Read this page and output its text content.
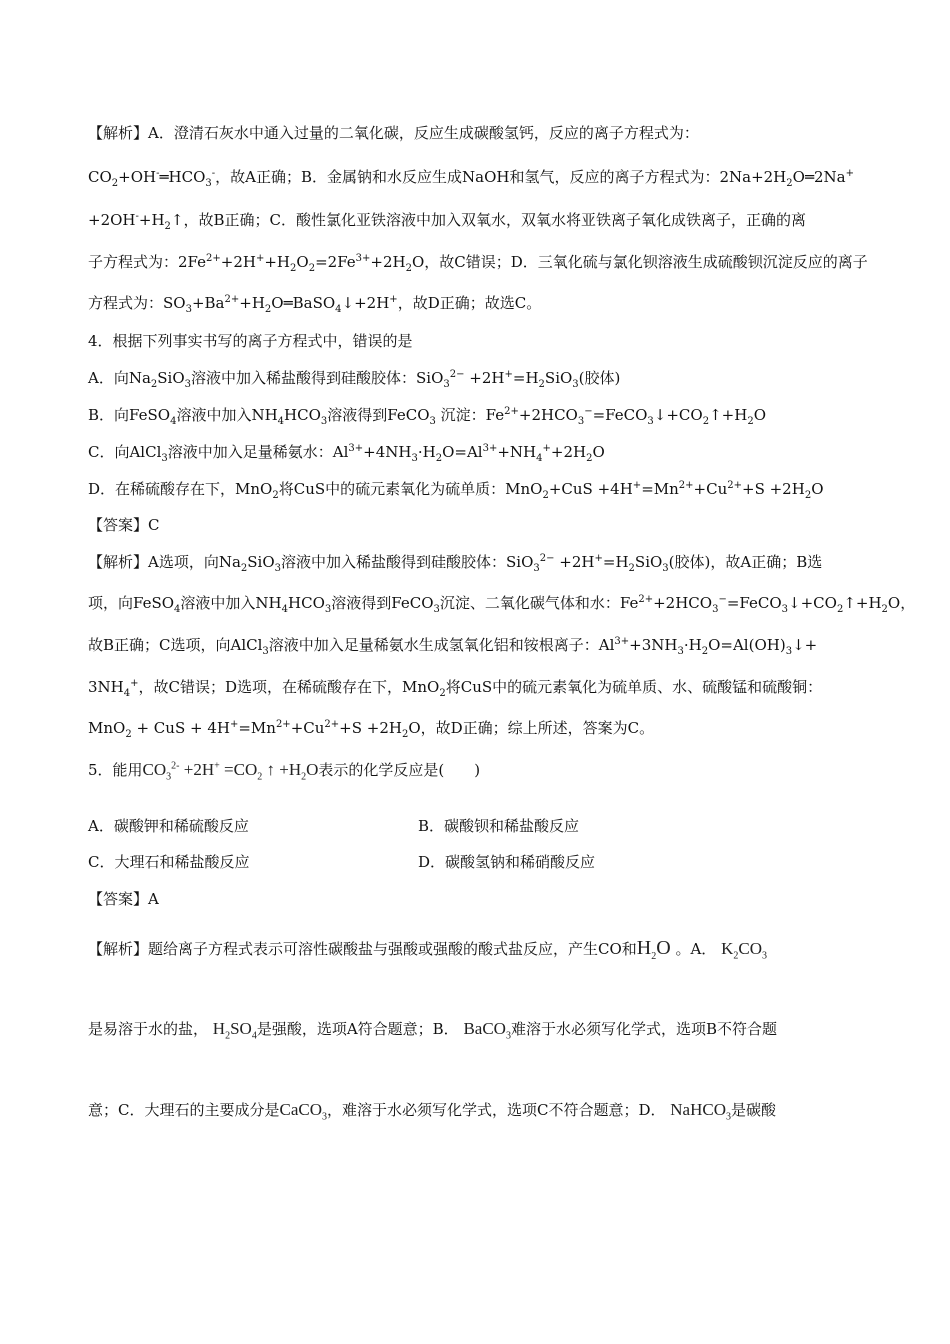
【解析】A．澄清石灰水中通入过量的二氧化碳，反应生成碳酸氢钙，反应的离子方程式为：
$CO_2+OH^-═HCO_3^-$，故A正确；B．金属钠和水反应生成NaOH和氢气，反应的离子方程式为：$2Na+2H_2O═2Na^+$
$+2OH^-+H_2↑$，故B正确；C．酸性氯化亚铁溶液中加入双氧水，双氧水将亚铁离子氧化成铁离子，正确的离
子方程式为：$2Fe^{2+}+2H^++H_2O_2=2Fe^{3+}+2H_2O$，故C错误；D．三氧化硫与氯化钡溶液生成硫酸钡沉淀反应的离子
方程式为：$SO_3+Ba^{2+}+H_2O═BaSO_4↓+2H^+$，故D正确；故选C。
4．根据下列事实书写的离子方程式中，错误的是
A．向$Na_2SiO_3$溶液中加入稀盐酸得到硅酸胶体：$SiO_3^{2-} +2H^+=H_2SiO_3$(胶体)
B．向FeSO$_4$溶液中加入$NH_4HCO_3$溶液得到FeCO$_3$ 沉淀：$Fe^{2+}+2HCO_3^-=FeCO_3↓+CO_2↑+H_2O$
C．向AlCl$_3$溶液中加入足量稀氨水：$Al^{3+}+4NH_3\cdot H_2O=Al^{3+}+NH_4^++2H_2O$
D．在稀硫酸存在下，MnO$_2$将CuS中的硫元素氧化为硫单质：$MnO_2+CuS +4H^+=Mn^{2+}+Cu^{2+}+S +2H_2O$
【答案】C
【解析】A选项，向$Na_2SiO_3$溶液中加入稀盐酸得到硅酸胶体：$SiO_3^{2-} +2H^+=H_2SiO_3$(胶体)，故A正确；B选
项，向FeSO$_4$溶液中加入$NH_4HCO_3$溶液得到FeCO$_3$沉淀、二氧化碳气体和水：$Fe^{2+}+2HCO_3^-=FeCO_3↓+CO_2↑+H_2O$，
故B正确；C选项，向AlCl$_3$溶液中加入足量稀氨水生成氢氧化铝和铵根离子：$Al^{3+}+3NH_3\cdot H_2O=Al(OH)_3↓+$
$3NH_4^+$，故C错误；D选项，在稀硫酸存在下，MnO$_2$将CuS中的硫元素氧化为硫单质、水、硫酸锰和硫酸铜：
MnO$_2$ + CuS + $4H^+=Mn^{2+}+Cu^{2+}+S +2H_2O$，故D正确；综上所述，答案为C。
5．能用$CO_3^{2-} +2H^+ =CO_2$ ↑ $+H_2O$表示的化学反应是(　　)
A．碳酸钾和稀硫酸反应	B．碳酸钡和稀盐酸反应
C．大理石和稀盐酸反应	D．碳酸氢钠和稀硝酸反应
【答案】A
【解析】题给离子方程式表示可溶性碳酸盐与强酸或强酸的酸式盐反应，产生CO和$H_2O$ 。A． $K_2CO_3$
是易溶于水的盐， $H_2SO_4$是强酸，选项A符合题意；B． BaCO$_3$难溶于水必须写化学式，选项B不符合题
意；C．大理石的主要成分是CaCO$_3$，难溶于水必须写化学式，选项C不符合题意；D． NaHCO$_3$是碳酸
